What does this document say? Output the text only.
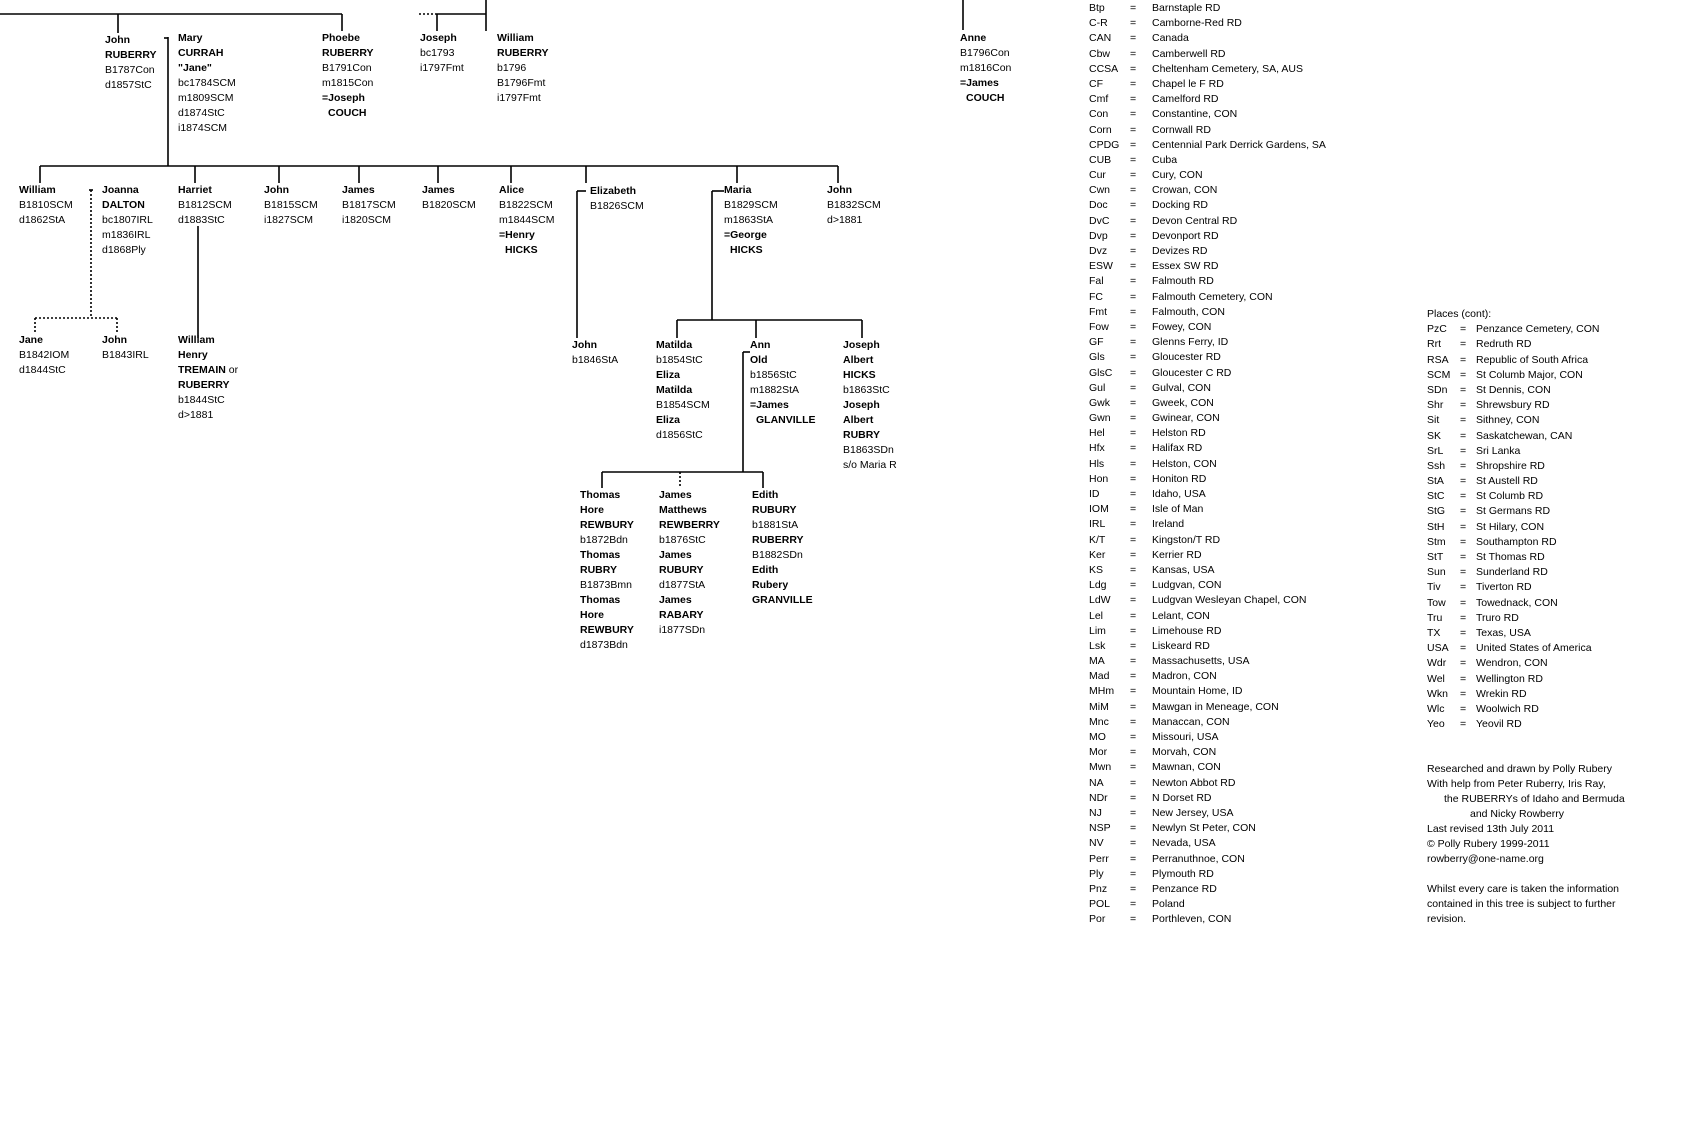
John
RUBERRY
B1787Con
d1857StC
Mary
CURRAH
"Jane"
bc1784SCM
m1809SCM
d1874StC
i1874SCM
Phoebe
RUBERRY
B1791Con
m1815Con
=Joseph
COUCH
Joseph
bc1793
i1797Fmt
William
RUBERRY
b1796
B1796Fmt
i1797Fmt
Anne
B1796Con
m1816Con
=James
COUCH
William
B1810SCM
d1862StA
Joanna
DALTON
bc1807IRL
m1836IRL
d1868Ply
Harriet
B1812SCM
d1883StC
John
B1815SCM
i1827SCM
James
B1817SCM
i1820SCM
James
B1820SCM
Alice
B1822SCM
m1844SCM
=Henry
HICKS
Elizabeth
B1826SCM
Maria
B1829SCM
m1863StA
=George
HICKS
John
B1832SCM
d>1881
Jane
B1842IOM
d1844StC
John
B1843IRL
William
Henry
TREMAIN or
RUBERRY
b1844StC
d>1881
John
b1846StA
Matilda
b1854StC
Eliza
Matilda
B1854SCM
Eliza
d1856StC
Ann
Old
b1856StC
m1882StA
=James
GLANVILLE
Joseph
Albert
HICKS
b1863StC
Joseph
Albert
RUBRY
B1863SDn
s/o Maria R
Thomas
Hore
REWBURY
b1872Bdn
Thomas
RUBRY
B1873Bmn
Thomas
Hore
REWBURY
d1873Bdn
James
Matthews
REWBERRY
b1876StC
James
RUBURY
d1877StA
James
RABARY
i1877SDn
Edith
RUBURY
b1881StA
RUBERRY
B1882SDn
Edith
Rubery
GRANVILLE
Btp = Barnstaple RD
C-R = Camborne-Red RD
CAN = Canada
Cbw = Camberwell RD
CCSA = Cheltenham Cemetery, SA, AUS
CF	= Chapel le F RD
Cmf = Camelford RD
Con = Constantine, CON
Corn = Cornwall RD
CPDG = Centennial Park Derrick Gardens, SA
CUB = Cuba
Cur = Cury, CON
Cwn = Crowan, CON
Doc = Docking RD
DvC = Devon Central RD
Dvp = Devonport RD
Dvz = Devizes RD
ESW = Essex SW RD
Fal	= Falmouth RD
FC	= Falmouth Cemetery, CON
Fmt = Falmouth, CON
Fow = Fowey, CON
GF	= Glenns Ferry, ID
Gls = Gloucester RD
GlsC = Gloucester C RD
Gul = Gulval, CON
Gwk = Gweek, CON
Gwn = Gwinear, CON
Hel = Helston RD
Hfx = Halifax RD
Hls = Helston, CON
Hon = Honiton RD
ID	= Idaho, USA
IOM = Isle of Man
IRL = Ireland
K/T = Kingston/T RD
Ker = Kerrier RD
KS	= Kansas, USA
Ldg = Ludgvan, CON
LdW = Ludgvan Wesleyan Chapel, CON
Lel	= Lelant, CON
Lim = Limehouse RD
Lsk = Liskeard RD
MA = Massachusetts, USA
Mad = Madron, CON
MHm = Mountain Home, ID
MiM = Mawgan in Meneage, CON
Mnc = Manaccan, CON
MO = Missouri, USA
Mor = Morvah, CON
Mwn = Mawnan, CON
NA	= Newton Abbot RD
NDr = N Dorset RD
NJ	= New Jersey, USA
NSP = Newlyn St Peter, CON
NV	= Nevada, USA
Perr = Perranuthnoe, CON
Ply	= Plymouth RD
Pnz = Penzance RD
POL = Poland
Por = Porthleven, CON
Places (cont):
PzC = Penzance Cemetery, CON
Rrt = Redruth RD
RSA = Republic of South Africa
SCM = St Columb Major, CON
SDn = St Dennis, CON
Shr = Shrewsbury RD
Sit = Sithney, CON
SK = Saskatchewan, CAN
SrL = Sri Lanka
Ssh = Shropshire RD
StA = St Austell RD
StC = St Columb RD
StG = St Germans RD
StH = St Hilary, CON
Stm = Southampton RD
StT = St Thomas RD
Sun = Sunderland RD
Tiv = Tiverton RD
Tow = Towednack, CON
Tru = Truro RD
TX = Texas, USA
USA = United States of America
Wdr = Wendron, CON
Wel = Wellington RD
Wkn = Wrekin RD
Wlc = Woolwich RD
Yeo = Yeovil RD
Researched and drawn by Polly Rubery
With help from Peter Ruberry, Iris Ray,
the RUBERRYs of Idaho and Bermuda
and Nicky Rowberry
Last revised 13th July 2011
© Polly Rubery 1999-2011
rowberry@one-name.org
Whilst every care is taken the information
contained in this tree is subject to further
revision.
